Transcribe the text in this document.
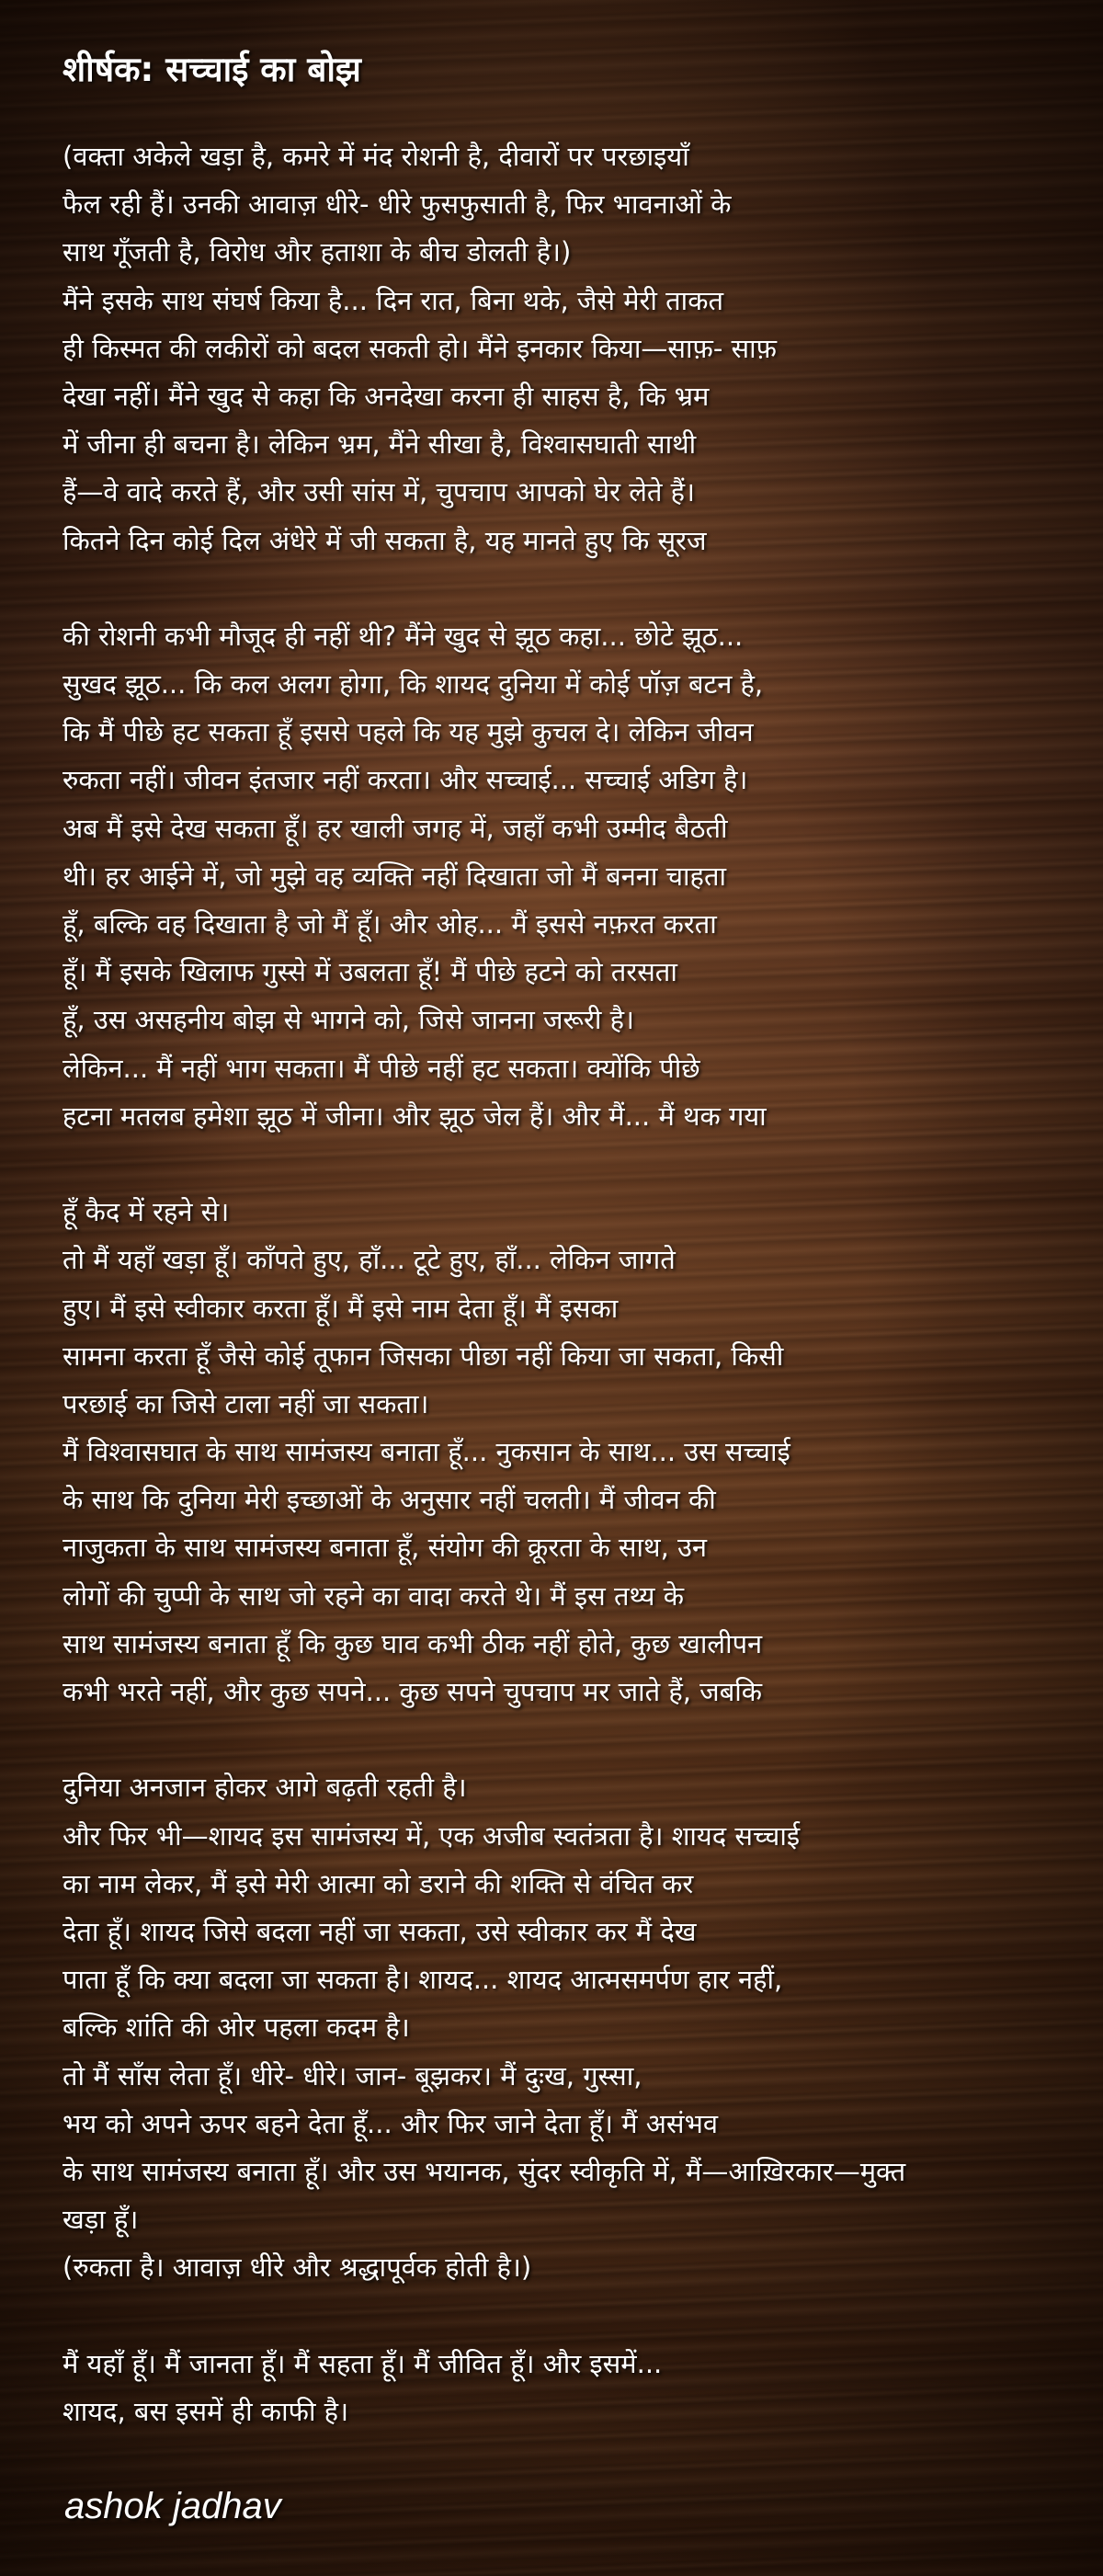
शीर्षक: सच्चाई का बोझ
(वक्ता अकेले खड़ा है, कमरे में मंद रोशनी है, दीवारों पर परछाइयाँ
फैल रही हैं। उनकी आवाज़ धीरे- धीरे फुसफुसाती है, फिर भावनाओं के
साथ गूँजती है, विरोध और हताशा के बीच डोलती है।)
मैंने इसके साथ संघर्ष किया है... दिन रात, बिना थके, जैसे मेरी ताकत
ही किस्मत की लकीरों को बदल सकती हो। मैंने इनकार किया—साफ़- साफ़
देखा नहीं। मैंने खुद से कहा कि अनदेखा करना ही साहस है, कि भ्रम
में जीना ही बचना है। लेकिन भ्रम, मैंने सीखा है, विश्वासघाती साथी
हैं—वे वादे करते हैं, और उसी सांस में, चुपचाप आपको घेर लेते हैं।
कितने दिन कोई दिल अंधेरे में जी सकता है, यह मानते हुए कि सूरज
की रोशनी कभी मौजूद ही नहीं थी? मैंने खुद से झूठ कहा... छोटे झूठ...
सुखद झूठ... कि कल अलग होगा, कि शायद दुनिया में कोई पॉज़ बटन है,
कि मैं पीछे हट सकता हूँ इससे पहले कि यह मुझे कुचल दे। लेकिन जीवन
रुकता नहीं। जीवन इंतजार नहीं करता। और सच्चाई... सच्चाई अडिग है।
अब मैं इसे देख सकता हूँ। हर खाली जगह में, जहाँ कभी उम्मीद बैठती
थी। हर आईने में, जो मुझे वह व्यक्ति नहीं दिखाता जो मैं बनना चाहता
हूँ, बल्कि वह दिखाता है जो मैं हूँ। और ओह... मैं इससे नफ़रत करता
हूँ। मैं इसके खिलाफ गुस्से में उबलता हूँ! मैं पीछे हटने को तरसता
हूँ, उस असहनीय बोझ से भागने को, जिसे जानना जरूरी है।
लेकिन... मैं नहीं भाग सकता। मैं पीछे नहीं हट सकता। क्योंकि पीछे
हटना मतलब हमेशा झूठ में जीना। और झूठ जेल हैं। और मैं... मैं थक गया
हूँ कैद में रहने से।
तो मैं यहाँ खड़ा हूँ। काँपते हुए, हाँ... टूटे हुए, हाँ... लेकिन जागते
हुए। मैं इसे स्वीकार करता हूँ। मैं इसे नाम देता हूँ। मैं इसका
सामना करता हूँ जैसे कोई तूफान जिसका पीछा नहीं किया जा सकता, किसी
परछाई का जिसे टाला नहीं जा सकता।
मैं विश्वासघात के साथ सामंजस्य बनाता हूँ... नुकसान के साथ... उस सच्चाई
के साथ कि दुनिया मेरी इच्छाओं के अनुसार नहीं चलती। मैं जीवन की
नाजुकता के साथ सामंजस्य बनाता हूँ, संयोग की क्रूरता के साथ, उन
लोगों की चुप्पी के साथ जो रहने का वादा करते थे। मैं इस तथ्य के
साथ सामंजस्य बनाता हूँ कि कुछ घाव कभी ठीक नहीं होते, कुछ खालीपन
कभी भरते नहीं, और कुछ सपने... कुछ सपने चुपचाप मर जाते हैं, जबकि
दुनिया अनजान होकर आगे बढ़ती रहती है।
और फिर भी—शायद इस सामंजस्य में, एक अजीब स्वतंत्रता है। शायद सच्चाई
का नाम लेकर, मैं इसे मेरी आत्मा को डराने की शक्ति से वंचित कर
देता हूँ। शायद जिसे बदला नहीं जा सकता, उसे स्वीकार कर मैं देख
पाता हूँ कि क्या बदला जा सकता है। शायद... शायद आत्मसमर्पण हार नहीं,
बल्कि शांति की ओर पहला कदम है।
तो मैं साँस लेता हूँ। धीरे- धीरे। जान- बूझकर। मैं दुःख, गुस्सा,
भय को अपने ऊपर बहने देता हूँ... और फिर जाने देता हूँ। मैं असंभव
के साथ सामंजस्य बनाता हूँ। और उस भयानक, सुंदर स्वीकृति में, मैं—आख़िरकार—मुक्त
खड़ा हूँ।
(रुकता है। आवाज़ धीरे और श्रद्धापूर्वक होती है।)
मैं यहाँ हूँ। मैं जानता हूँ। मैं सहता हूँ। मैं जीवित हूँ। और इसमें...
शायद, बस इसमें ही काफी है।
ashok jadhav
